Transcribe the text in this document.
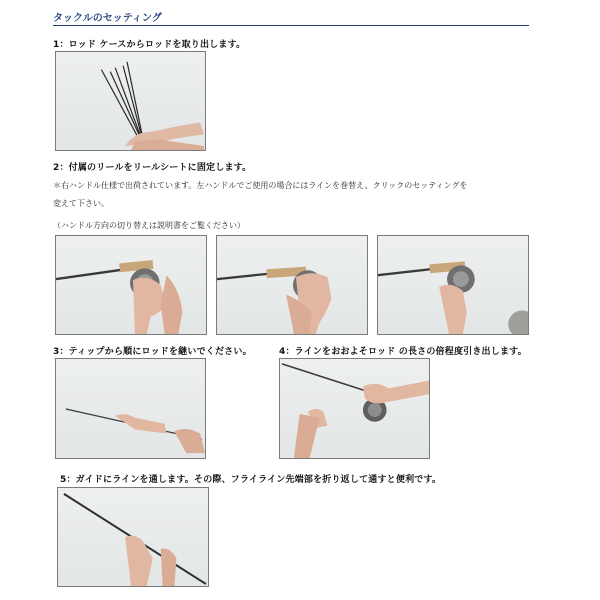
タックルのセッティング
1：ロッド ケースからロッドを取り出します。
2：付属のリールをリールシートに固定します。
＊右ハンドル仕様で出荷されています。左ハンドルでご使用の場合にはラインを巻替え、クリックのセッティングを
変えて下さい。
（ハンドル方向の切り替えは説明書をご覧ください）
3：ティップから順にロッドを継いでください。	4：ラインをおおよそロッド の長さの倍程度引き出します。
5：ガイドにラインを通します。その際、フライライン先端部を折り返して通すと便利です。
